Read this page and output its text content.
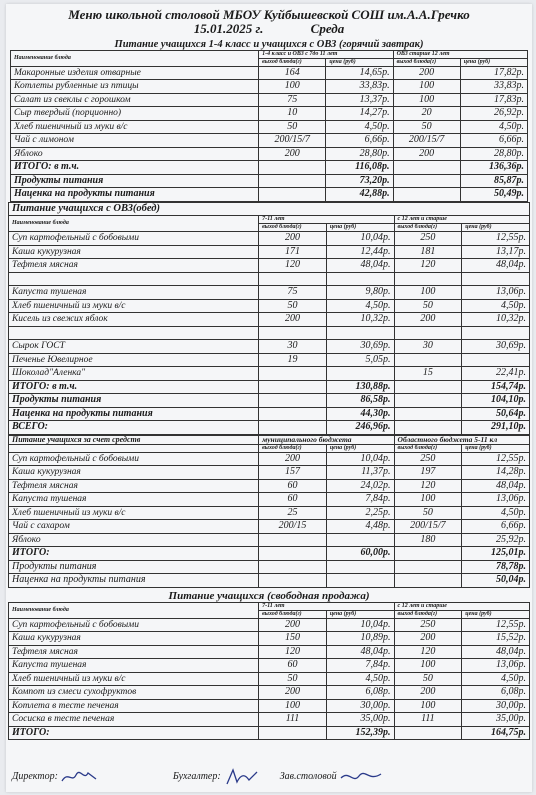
Меню школьной столовой МБОУ Куйбышевской СОШ им.А.А.Гречко
15.01.2025 г.	Среда
Питание учащихся 1-4 класс и учащихся с ОВЗ (горячий завтрак)
Наименование блюда	1-4 класс и ОВЗ с 7до 11 лет		ОВЗ старше 12 лет	
	выход блюда(г)	цена (руб)	выход блюда(г)	цена (руб)
Макаронные изделия отварные	164	14,65р.	200	17,82р.
Котлеты рубленные из птицы	100	33,83р.	100	33,83р.
Салат из свеклы с горошком	75	13,37р.	100	17,83р.
Сыр твердый (порционно)	10	14,27р.	20	26,92р.
Хлеб пшеничный из муки в/с	50	4,50р.	50	4,50р.
Чай с лимоном	200/15/7	6,66р.	200/15/7	6,66р.
Яблоко	200	28,80р.	200	28,80р.
ИТОГО: в т.ч.		116,08р.		136,36р.
Продукты питания		73,20р.		85,87р.
Наценка на продукты питания		42,88р.		50,49р.
Питание учащихся с ОВЗ(обед)				
Наименование блюда	7-11 лет		с 12 лет и старше	
	выход блюда(г)	цена (руб)	выход блюда(г)	цена (руб)
Суп картофельный с бобовыми	200	10,04р.	250	12,55р.
Каша кукурузная	171	12,44р.	181	13,17р.
Тефтеля мясная	120	48,04р.	120	48,04р.

Капуста тушеная	75	9,80р.	100	13,06р.
Хлеб пшеничный из муки в/с	50	4,50р.	50	4,50р.
Кисель из свежих яблок	200	10,32р.	200	10,32р.

Сырок ГОСТ	30	30,69р.	30	30,69р.
Печенье Ювелирное	19	5,05р.		
Шоколад"Аленка"			15	22,41р.
ИТОГО: в т.ч.		130,88р.		154,74р.
Продукты питания		86,58р.		104,10р.
Наценка на продукты питания		44,30р.		50,64р.
ВСЕГО:		246,96р.		291,10р.
Питание учащихся за счет средств	муниципального бюджета		Областного бюджета 5-11 кл	
	выход блюда(г)	цена (руб)	выход блюда(г)	цена (руб)
Суп картофельный с бобовыми	200	10,04р.	250	12,55р.
Каша кукурузная	157	11,37р.	197	14,28р.
Тефтеля мясная	60	24,02р.	120	48,04р.
Капуста тушеная	60	7,84р.	100	13,06р.
Хлеб пшеничный из муки в/с	25	2,25р.	50	4,50р.
Чай с сахаром	200/15	4,48р.	200/15/7	6,66р.
Яблоко			180	25,92р.
ИТОГО:		60,00р.		125,01р.
Продукты питания				78,78р.
Наценка на продукты питания				50,04р.
Питание учащихся (свободная продажа)
Наименование блюда	7-11 лет		с 12 лет и старше	
	выход блюда(г)	цена (руб)	выход блюда(г)	цена (руб)
Суп картофельный с бобовыми	200	10,04р.	250	12,55р.
Каша кукурузная	150	10,89р.	200	15,52р.
Тефтеля мясная	120	48,04р.	120	48,04р.
Капуста тушеная	60	7,84р.	100	13,06р.
Хлеб пшеничный из муки в/с	50	4,50р.	50	4,50р.
Компот из смеси сухофруктов	200	6,08р.	200	6,08р.
Котлета в тесте печеная	100	30,00р.	100	30,00р.
Сосиска в тесте печеная	111	35,00р.	111	35,00р.
ИТОГО:		152,39р.		164,75р.
Директор:	Бухгалтер:	Зав.столовой
